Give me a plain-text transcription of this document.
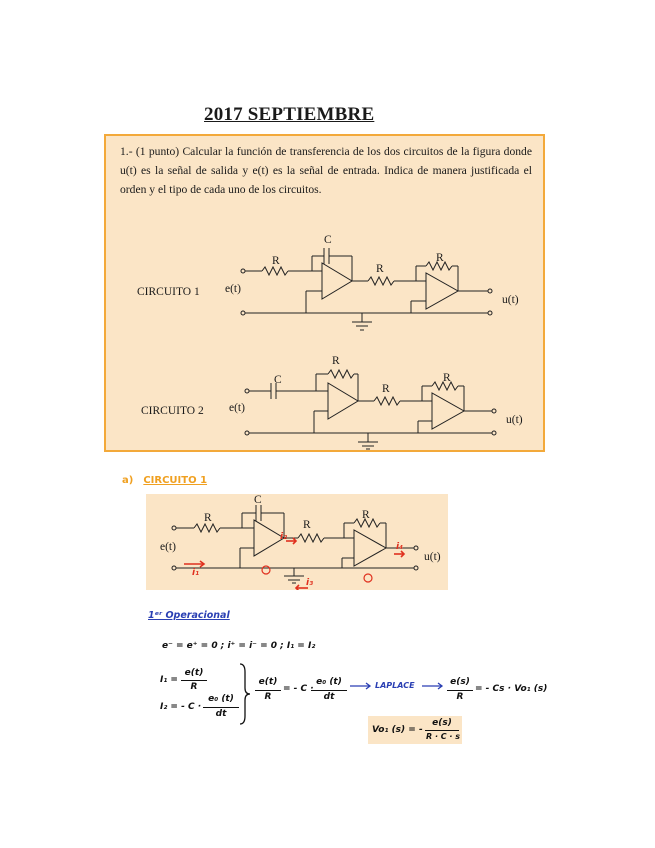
2017 SEPTIEMBRE
1.- (1 punto) Calcular la función de transferencia de los dos circuitos de la figura donde u(t) es la señal de salida y e(t) es la señal de entrada. Indica de manera justificada el orden y el tipo de cada uno de los circuitos.
CIRCUITO 1 e(t)
u(t)
C
R
R
R
CIRCUITO 2 e(t)
u(t)
C
R
R
R
a) CIRCUITO 1
e(t)
u(t)
C
R
R
R
i₁
i₂
i₃
i₄
1ᵉʳ Operacional
e⁻ = e⁺ = 0 ; i⁺ = i⁻ = 0 ; I₁ = I₂
I₁ =
e(t)
R
I₂ = - C ·
e₀ (t)
dt
e(t)
R
= - C ·
e₀ (t)
dt
LAPLACE	e(s)
R
= - Cs · Vo₁ (s)
Vo₁ (s) = -
e(s)
R · C · s
